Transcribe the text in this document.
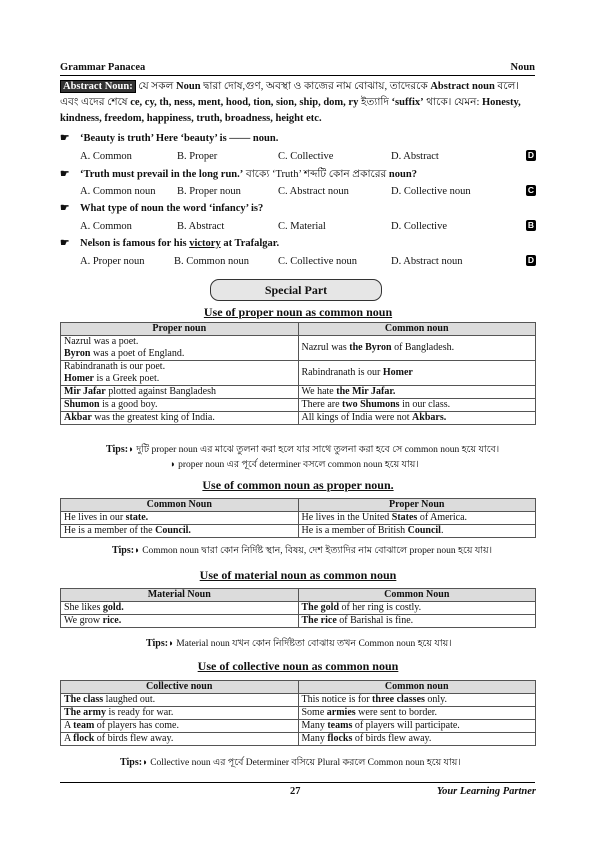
Grammar Panacea	Noun
Abstract Noun: যে সকল Noun দ্বারা দোষ,গুণ, অবস্থা ও কাজের নাম বোঝায়, তাদেরকে Abstract noun বলে। এবং এদের শেষে ce, cy, th, ness, ment, hood, tion, sion, ship, dom, ry ইত্যাদি ‘suffix’ থাকে। যেমন: Honesty, kindness, freedom, happiness, truth, broadness, height etc.
☛ ‘Beauty is truth’ Here ‘beauty’ is —— noun.
A. Common	B. Proper	C. Collective	D. Abstract	D
☛ ‘Truth must prevail in the long run.’ বাক্যে ‘Truth’ শব্দটি কোন প্রকারের noun?
A. Common noun B. Proper noun	C. Abstract noun	D. Collective noun	C
☛ What type of noun the word ‘infancy’ is?
A. Common	B. Abstract	C. Material	D. Collective	B
☛ Nelson is famous for his victory at Trafalgar.
A. Proper noun	B. Common noun	C. Collective noun	D. Abstract noun	D
Special Part
Use of proper noun as common noun
Proper noun	Common noun
Nazrul was a poet.
Byron was a poet of England.	Nazrul was the Byron of Bangladesh.
Rabindranath is our poet.
Homer is a Greek poet.	Rabindranath is our Homer
Mir Jafar plotted against Bangladesh	We hate the Mir Jafar.
Shumon is a good boy.	There are two Shumons in our class.
Akbar was the greatest king of India.	All kings of India were not Akbars.
Tips:◗ দুটি proper noun এর মাঝে তুলনা করা হলে যার সাথে তুলনা করা হবে সে common noun হয়ে যাবে।
◗ proper noun এর পূর্বে determiner বসলে common noun হয়ে যায়।
Use of common noun as proper noun.
Common Noun	Proper Noun
He lives in our state.	He lives in the United States of America.
He is a member of the Council.	He is a member of British Council.
Tips:◗ Common noun দ্বারা কোন নির্দিষ্ট স্থান, বিষয়, দেশ ইত্যাদির নাম বোঝালে proper noun হয়ে যায়।
Use of material noun as common noun
Material Noun	Common Noun
She likes gold.	The gold of her ring is costly.
We grow rice.	The rice of Barishal is fine.
Tips:◗ Material noun যখন কোন নির্দিষ্টতা বোঝায় তখন Common noun হয়ে যায়।
Use of collective noun as common noun
Collective noun	Common noun
The class laughed out.	This notice is for three classes only.
The army is ready for war.	Some armies were sent to border.
A team of players has come.	Many teams of players will participate.
A flock of birds flew away.	Many flocks of birds flew away.
Tips:◗ Collective noun এর পূর্বে Determiner বসিয়ে Plural করলে Common noun হয়ে যায়।
27	Your Learning Partner
